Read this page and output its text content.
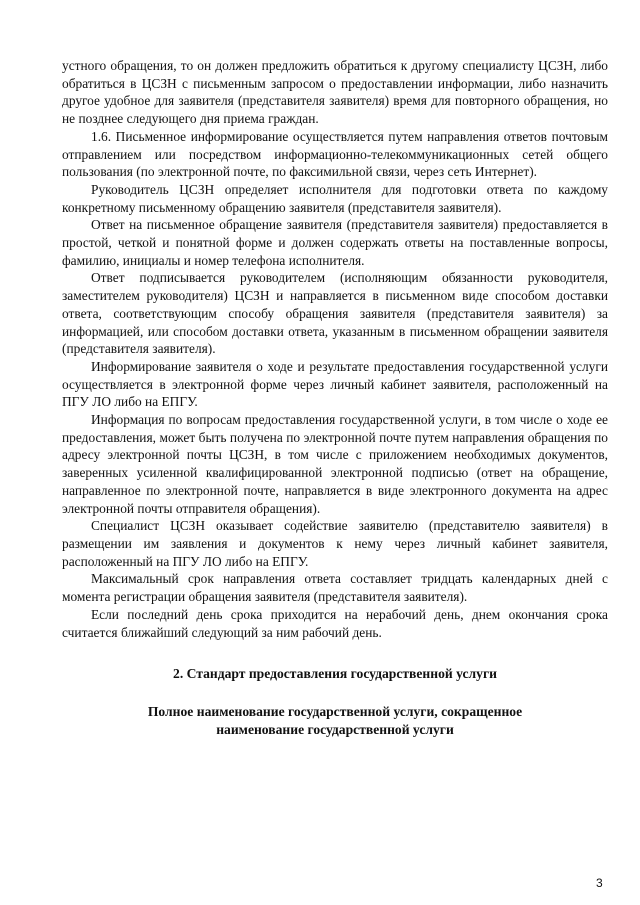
устного обращения, то он должен предложить обратиться к другому специалисту ЦСЗН, либо обратиться в ЦСЗН с письменным запросом о предоставлении информации, либо назначить другое удобное для заявителя (представителя заявителя) время для повторного обращения, но не позднее следующего дня приема граждан.

1.6. Письменное информирование осуществляется путем направления ответов почтовым отправлением или посредством информационно-телекоммуникационных сетей общего пользования (по электронной почте, по факсимильной связи, через сеть Интернет).

Руководитель ЦСЗН определяет исполнителя для подготовки ответа по каждому конкретному письменному обращению заявителя (представителя заявителя).

Ответ на письменное обращение заявителя (представителя заявителя) предоставляется в простой, четкой и понятной форме и должен содержать ответы на поставленные вопросы, фамилию, инициалы и номер телефона исполнителя.

Ответ подписывается руководителем (исполняющим обязанности руководителя, заместителем руководителя) ЦСЗН и направляется в письменном виде способом доставки ответа, соответствующим способу обращения заявителя (представителя заявителя) за информацией, или способом доставки ответа, указанным в письменном обращении заявителя (представителя заявителя).

Информирование заявителя о ходе и результате предоставления государственной услуги осуществляется в электронной форме через личный кабинет заявителя, расположенный на ПГУ ЛО либо на ЕПГУ.

Информация по вопросам предоставления государственной услуги, в том числе о ходе ее предоставления, может быть получена по электронной почте путем направления обращения по адресу электронной почты ЦСЗН, в том числе с приложением необходимых документов, заверенных усиленной квалифицированной электронной подписью (ответ на обращение, направленное по электронной почте, направляется в виде электронного документа на адрес электронной почты отправителя обращения).

Специалист ЦСЗН оказывает содействие заявителю (представителю заявителя) в размещении им заявления и документов к нему через личный кабинет заявителя, расположенный на ПГУ ЛО либо на ЕПГУ.

Максимальный срок направления ответа составляет тридцать календарных дней с момента регистрации обращения заявителя (представителя заявителя).

Если последний день срока приходится на нерабочий день, днем окончания срока считается ближайший следующий за ним рабочий день.

2. Стандарт предоставления государственной услуги
Полное наименование государственной услуги, сокращенное наименование государственной услуги
3
